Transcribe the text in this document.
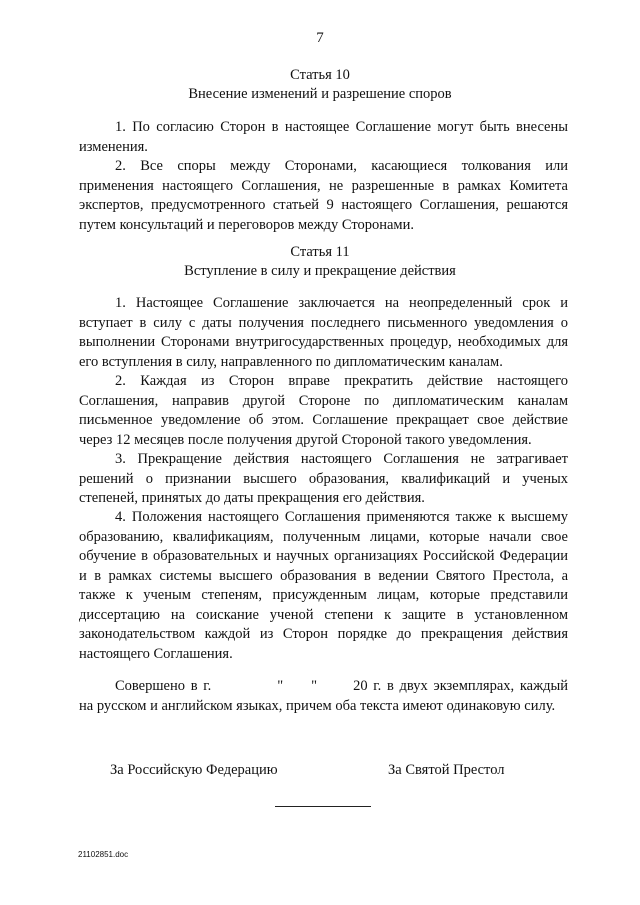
7
Статья 10
Внесение изменений и разрешение споров
1. По согласию Сторон в настоящее Соглашение могут быть внесены изменения.
2. Все споры между Сторонами, касающиеся толкования или применения настоящего Соглашения, не разрешенные в рамках Комитета экспертов, предусмотренного статьей 9 настоящего Соглашения, решаются путем консультаций и переговоров между Сторонами.
Статья 11
Вступление в силу и прекращение действия
1. Настоящее Соглашение заключается на неопределенный срок и вступает в силу с даты получения последнего письменного уведомления о выполнении Сторонами внутригосударственных процедур, необходимых для его вступления в силу, направленного по дипломатическим каналам.
2. Каждая из Сторон вправе прекратить действие настоящего Соглашения, направив другой Стороне по дипломатическим каналам письменное уведомление об этом. Соглашение прекращает свое действие через 12 месяцев после получения другой Стороной такого уведомления.
3. Прекращение действия настоящего Соглашения не затрагивает решений о признании высшего образования, квалификаций и ученых степеней, принятых до даты прекращения его действия.
4. Положения настоящего Соглашения применяются также к высшему образованию, квалификациям, полученным лицами, которые начали свое обучение в образовательных и научных организациях Российской Федерации и в рамках системы высшего образования в ведении Святого Престола, а также к ученым степеням, присужденным лицам, которые представили диссертацию на соискание ученой степени к защите в установленном законодательством каждой из Сторон порядке до прекращения действия настоящего Соглашения.
Совершено в г.	" " 20 г. в двух экземплярах, каждый на русском и английском языках, причем оба текста имеют одинаковую силу.
За Российскую Федерацию	За Святой Престол
21102851.doc
